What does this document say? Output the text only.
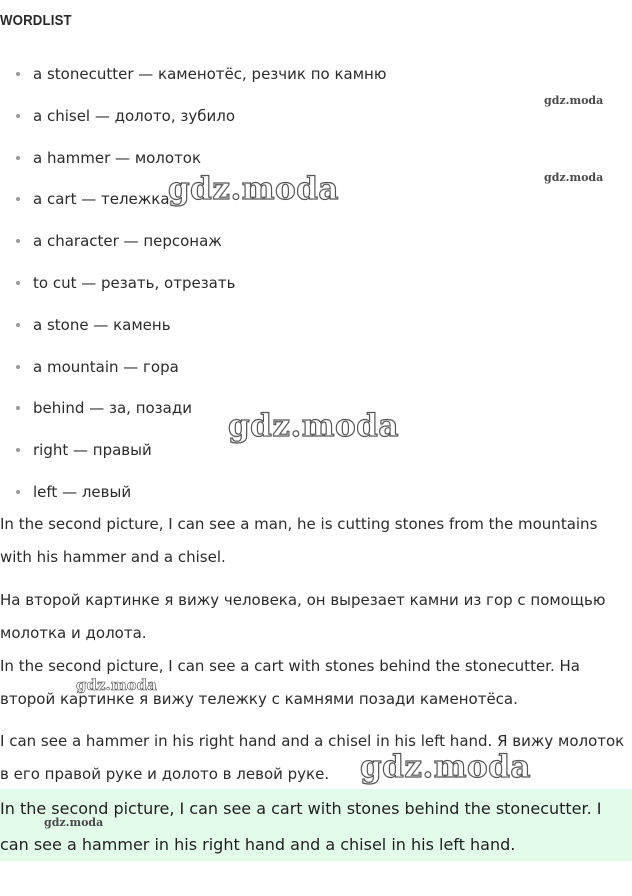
WORDLIST
a stonecutter — каменотёс, резчик по камню
a chisel — долото, зубило
a hammer — молоток
a cart — тележка
a character — персонаж
to cut — резать, отрезать
a stone — камень
a mountain — гора
behind — за, позади
right — правый
left — левый

In the second picture, I can see a man, he is cutting stones from the mountains with his hammer and a chisel.

На второй картинке я вижу человека, он вырезает камни из гор с помощью молотка и долота.

In the second picture, I can see a cart with stones behind the stonecutter. На второй картинке я вижу тележку с камнями позади каменотёса.

I can see a hammer in his right hand and a chisel in his left hand. Я вижу молоток в его правой руке и долото в левой руке.

In the second picture, I can see a cart with stones behind the stonecutter. I can see a hammer in his right hand and a chisel in his left hand.

gdz.moda
gdz.moda
gdz.moda
gdz.moda
gdz.moda
gdz.moda
gdz.moda
